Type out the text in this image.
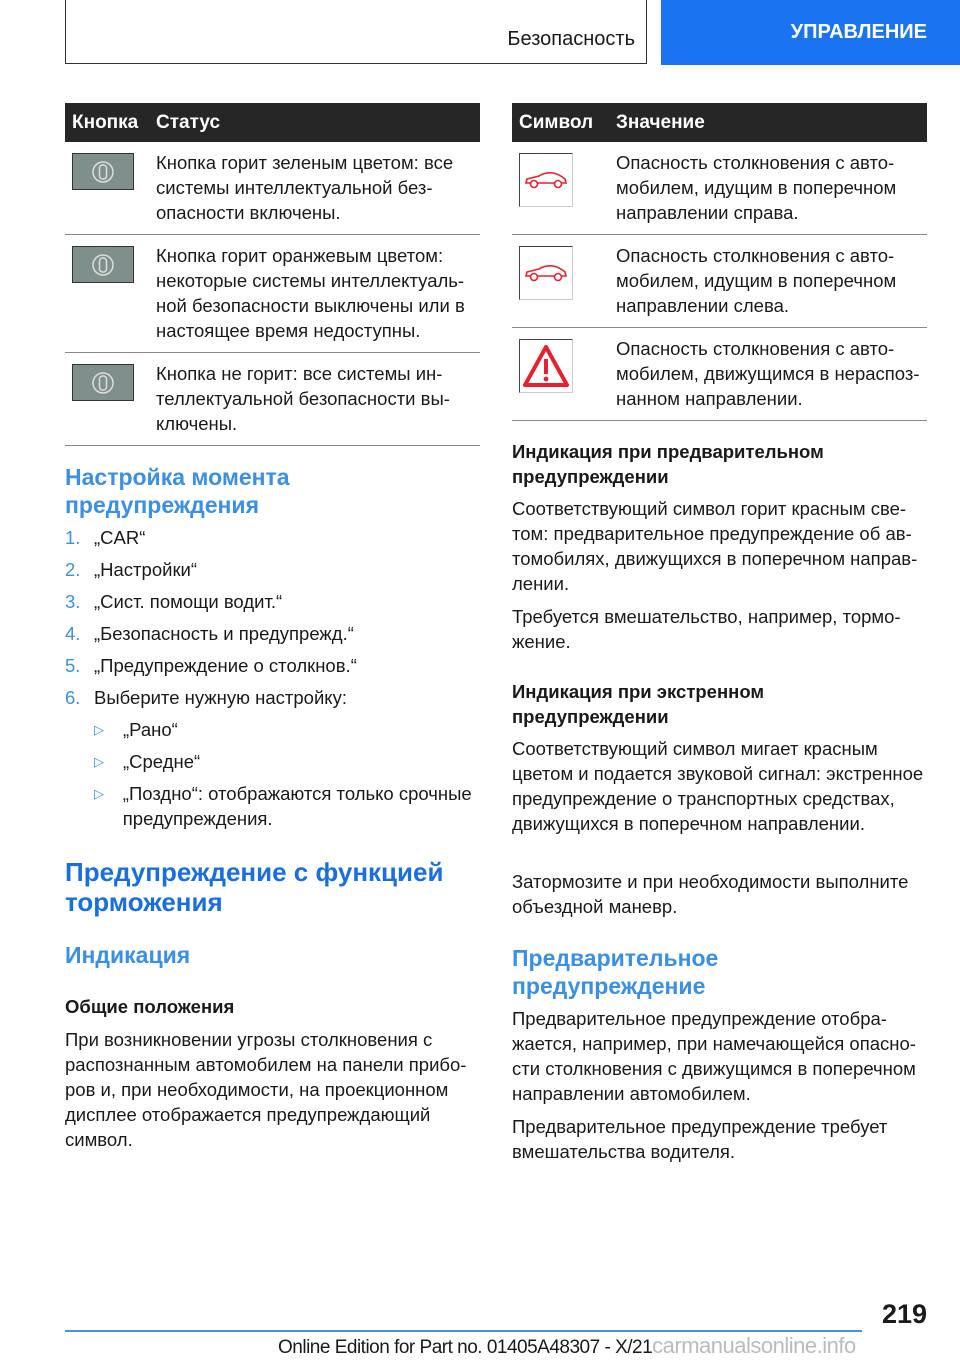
Безопасность	УПРАВЛЕНИЕ
Кнопка Статус
Кнопка горит зеленым цветом: все системы интеллектуальной безопасности включены.
Кнопка горит оранжевым цветом: некоторые системы интеллектуальной безопасности выключены или в настоящее время недоступны.
Кнопка не горит: все системы интеллектуальной безопасности выключены.
Настройка момента предупреждения
1. „CAR“
2. „Настройки“
3. „Сист. помощи водит.“
4. „Безопасность и предупрежд.“
5. „Предупреждение о столкнов.“
6. Выберите нужную настройку:
▷	„Рано“
▷	„Средне“
▷	„Поздно“: отображаются только срочные предупреждения.
Предупреждение с функцией торможения
Индикация
Общие положения
При возникновении угрозы столкновения с распознанным автомобилем на панели приборов и, при необходимости, на проекционном дисплее отображается предупреждающий символ.
Символ	Значение
Опасность столкновения с автомобилем, идущим в поперечном направлении справа.
Опасность столкновения с автомобилем, идущим в поперечном направлении слева.
Опасность столкновения с автомобилем, движущимся в нераспознанном направлении.
Индикация при предварительном предупреждении
Соответствующий символ горит красным светом: предварительное предупреждение об автомобилях, движущихся в поперечном направлении.
Требуется вмешательство, например, торможение.
Индикация при экстренном предупреждении
Соответствующий символ мигает красным цветом и подается звуковой сигнал: экстренное предупреждение о транспортных средствах, движущихся в поперечном направлении.
Затормозите и при необходимости выполните объездной маневр.
Предварительное предупреждение
Предварительное предупреждение отображается, например, при намечающейся опасности столкновения с движущимся в поперечном направлении автомобилем.
Предварительное предупреждение требует вмешательства водителя.
219
Online Edition for Part no. 01405A48307 - X/21carmanualsonline.info
